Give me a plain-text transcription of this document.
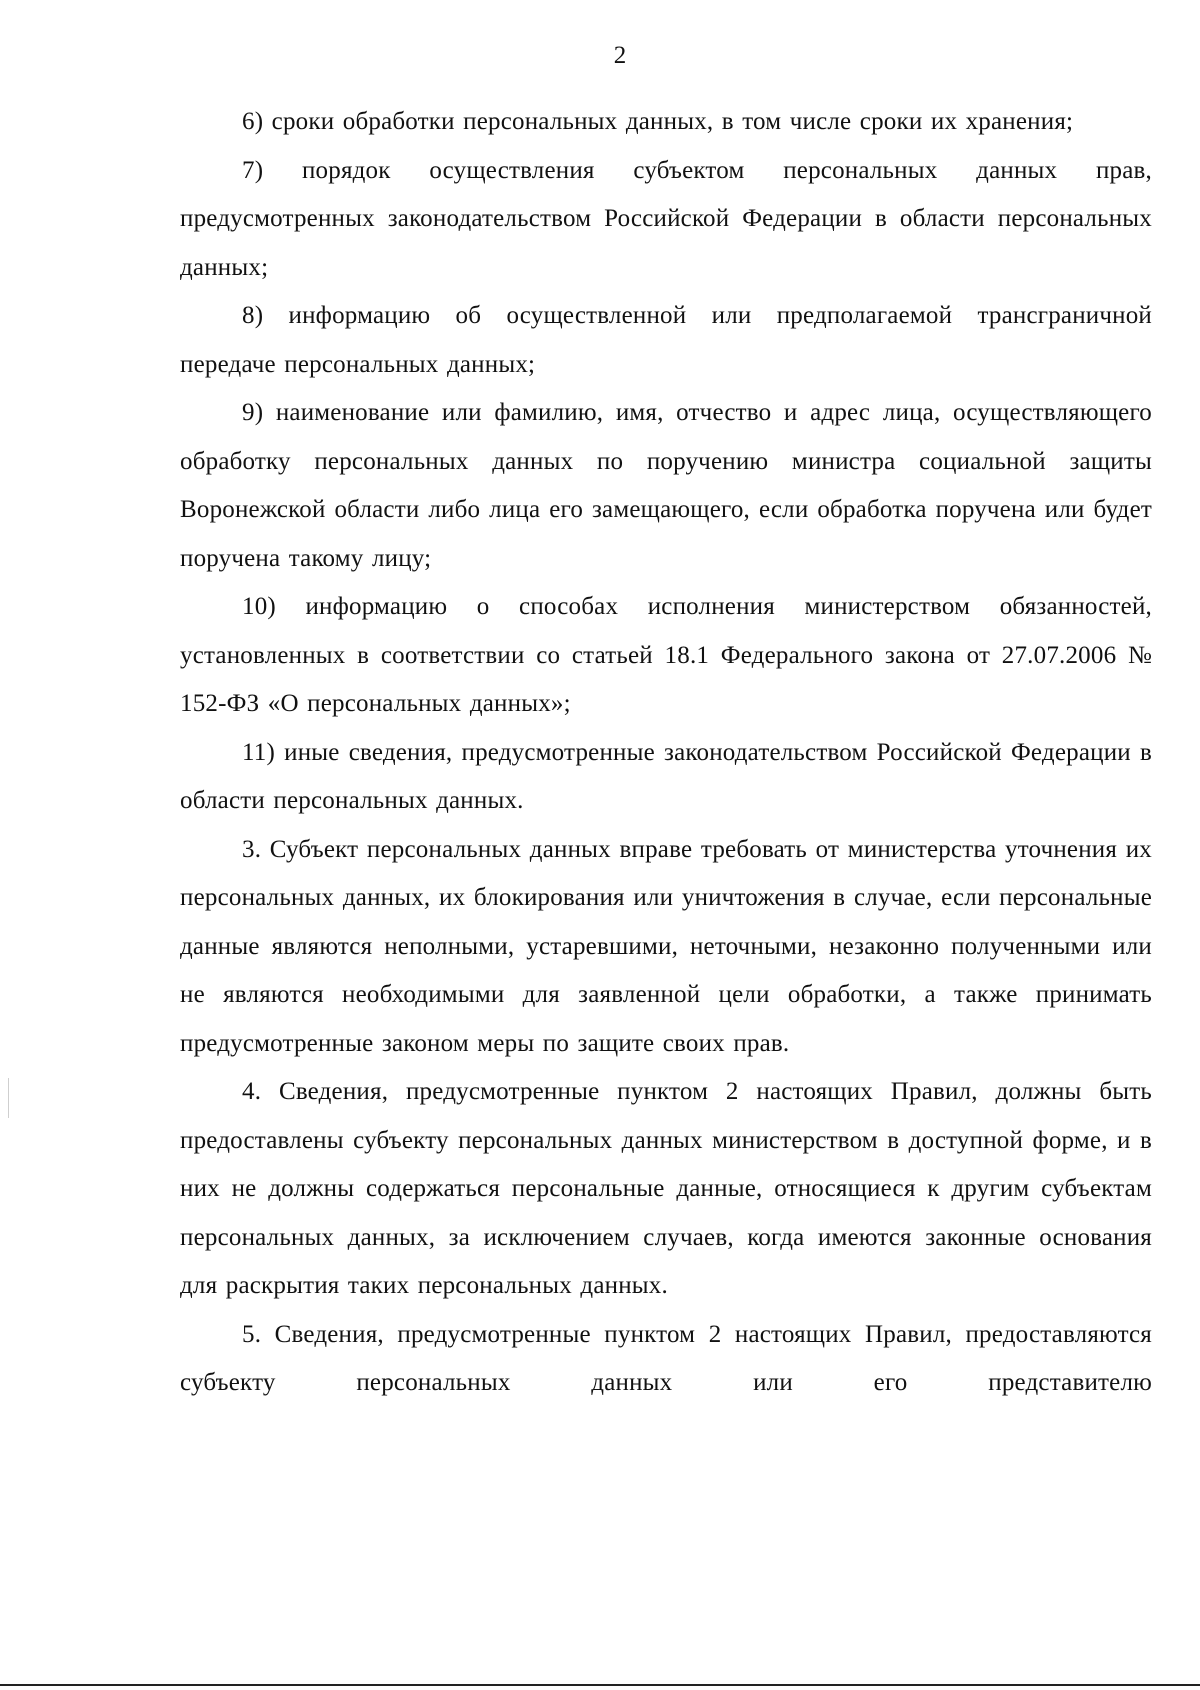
2

6) сроки обработки персональных данных, в том числе сроки их хранения;

7) порядок осуществления субъектом персональных данных прав, предусмотренных законодательством Российской Федерации в области персональных данных;

8) информацию об осуществленной или предполагаемой трансграничной передаче персональных данных;

9) наименование или фамилию, имя, отчество и адрес лица, осуществляющего обработку персональных данных по поручению министра социальной защиты Воронежской области либо лица его замещающего, если обработка поручена или будет поручена такому лицу;

10) информацию о способах исполнения министерством обязанностей, установленных в соответствии со статьей 18.1 Федерального закона от 27.07.2006 № 152-ФЗ «О персональных данных»;

11) иные сведения, предусмотренные законодательством Российской Федерации в области персональных данных.

3. Субъект персональных данных вправе требовать от министерства уточнения их персональных данных, их блокирования или уничтожения в случае, если персональные данные являются неполными, устаревшими, неточными, незаконно полученными или не являются необходимыми для заявленной цели обработки, а также принимать предусмотренные законом меры по защите своих прав.

4. Сведения, предусмотренные пунктом 2 настоящих Правил, должны быть предоставлены субъекту персональных данных министерством в доступной форме, и в них не должны содержаться персональные данные, относящиеся к другим субъектам персональных данных, за исключением случаев, когда имеются законные основания для раскрытия таких персональных данных.

5. Сведения, предусмотренные пунктом 2 настоящих Правил, предоставляются субъекту персональных данных или его представителю
